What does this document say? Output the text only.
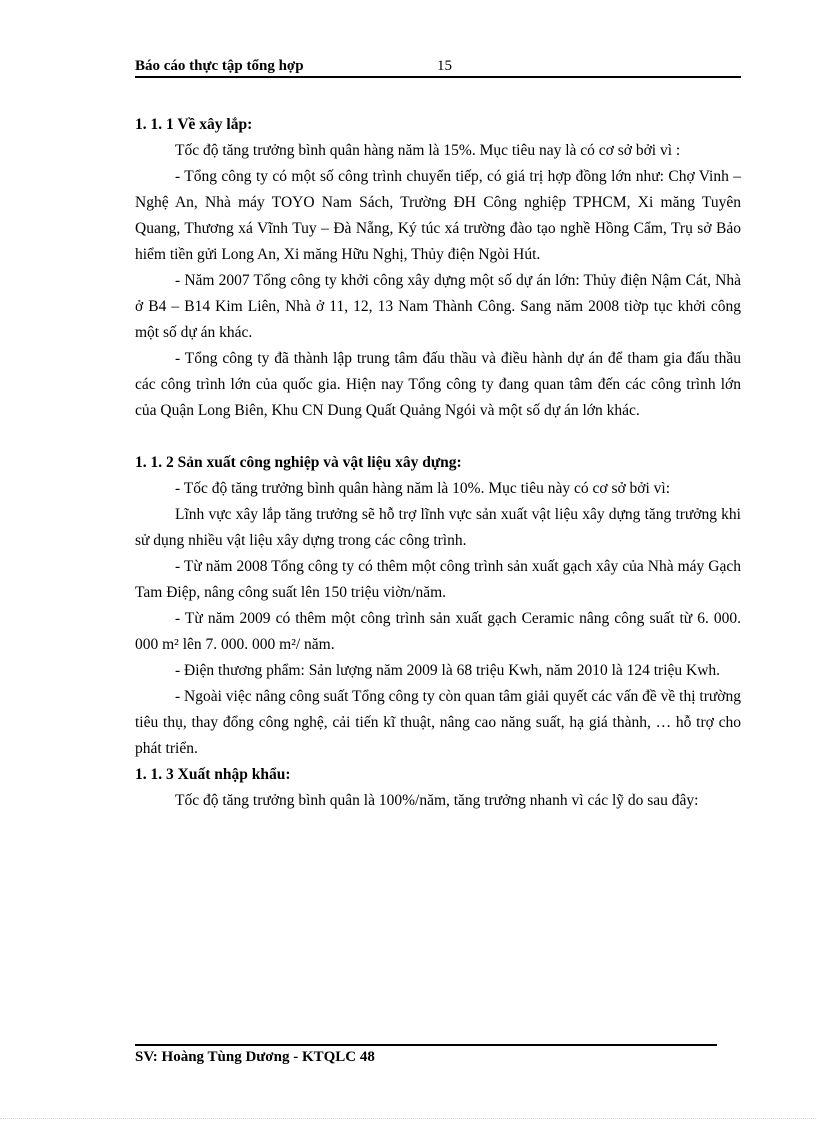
Báo cáo thực tập tổng hợp	15

1. 1. 1 Về xây lắp:

Tốc độ tăng trưởng bình quân hàng năm là 15%. Mục tiêu nay là có cơ sở bởi vì :

- Tổng công ty có một số công trình chuyển tiếp, có giá trị hợp đồng lớn như: Chợ Vinh – Nghệ An, Nhà máy TOYO Nam Sách, Trường ĐH Công nghiệp TPHCM, Xi măng Tuyên Quang, Thương xá Vĩnh Tuy – Đà Nẵng, Ký túc xá trường đào tạo nghề Hồng Cẩm, Trụ sở Bảo hiểm tiền gửi Long An, Xi măng Hữu Nghị, Thủy điện Ngòi Hút.

- Năm 2007 Tổng công ty khởi công xây dựng một số dự án lớn: Thủy điện Nậm Cát, Nhà ở B4 – B14 Kim Liên, Nhà ở 11, 12, 13 Nam Thành Công. Sang năm 2008 tiờp tục khởi công một số dự án khác.

- Tổng công ty đã thành lập trung tâm đấu thầu và điều hành dự án để tham gia đấu thầu các công trình lớn của quốc gia. Hiện nay Tổng công ty đang quan tâm đến các công trình lớn của Quận Long Biên, Khu CN Dung Quất Quảng Ngói và một số dự án lớn khác.

1. 1. 2 Sản xuất công nghiệp và vật liệu xây dựng:

- Tốc độ tăng trưởng bình quân hàng năm là 10%. Mục tiêu này có cơ sở bởi vì:

Lĩnh vực xây lắp tăng trưởng sẽ hỗ trợ lĩnh vực sản xuất vật liệu xây dựng tăng trưởng khi sử dụng nhiều vật liệu xây dựng trong các công trình.

- Từ năm 2008 Tổng công ty có thêm một công trình sản xuất gạch xây của Nhà máy Gạch Tam Điệp, nâng công suất lên 150 triệu viờn/năm.

- Từ năm 2009 có thêm một công trình sản xuất gạch Ceramic nâng công suất từ 6. 000. 000 m² lên 7. 000. 000 m²/ năm.

- Điện thương phẩm: Sản lượng năm 2009 là 68 triệu Kwh, năm 2010 là 124 triệu Kwh.

- Ngoài việc nâng công suất Tổng công ty còn quan tâm giải quyết các vấn đề về thị trường tiêu thụ, thay đổng công nghệ, cải tiến kĩ thuật, nâng cao năng suất, hạ giá thành, … hỗ trợ cho phát triển.

1. 1. 3 Xuất nhập khẩu:

Tốc độ tăng trưởng bình quân là 100%/năm, tăng trưởng nhanh vì các lỹ do sau đây:

SV: Hoàng Tùng Dương - KTQLC 48
